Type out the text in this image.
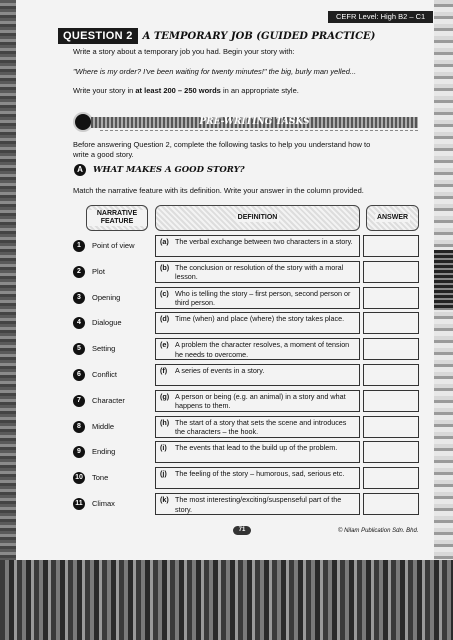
CEFR Level: High B2 – C1
QUESTION 2	A TEMPORARY JOB (GUIDED PRACTICE)
Write a story about a temporary job you had. Begin your story with:
"Where is my order? I've been waiting for twenty minutes!" the big, burly man yelled...
Write your story in at least 200 – 250 words in an appropriate style.
PRE-WRITING TASKS
Before answering Question 2, complete the following tasks to help you understand how to
write a good story.
A	WHAT MAKES A GOOD STORY?
Match the narrative feature with its definition. Write your answer in the column provided.
NARRATIVE FEATURE
DEFINITION	ANSWER
1	Point of view	(a) The verbal exchange between two characters in a story.
2	Plot	(b) The conclusion or resolution of the story with a moral lesson.
3	Opening	(c) Who is telling the story – first person, second person or third person.
4	Dialogue	(d) Time (when) and place (where) the story takes place.
5	Setting	(e) A problem the character resolves, a moment of tension he needs to overcome.
6	Conflict	(f)	A series of events in a story.
7	Character	(g) A person or being (e.g. an animal) in a story and what happens to them.
8	Middle	(h) The start of a story that sets the scene and introduces the characters – the hook.
9	Ending	(i)	The events that lead to the build up of the problem.
10 Tone	(j)	The feeling of the story – humorous, sad, serious etc.
11	Climax	(k) The most interesting/exciting/suspenseful part of the story.
71	© Nilam Publication Sdn. Bhd.
